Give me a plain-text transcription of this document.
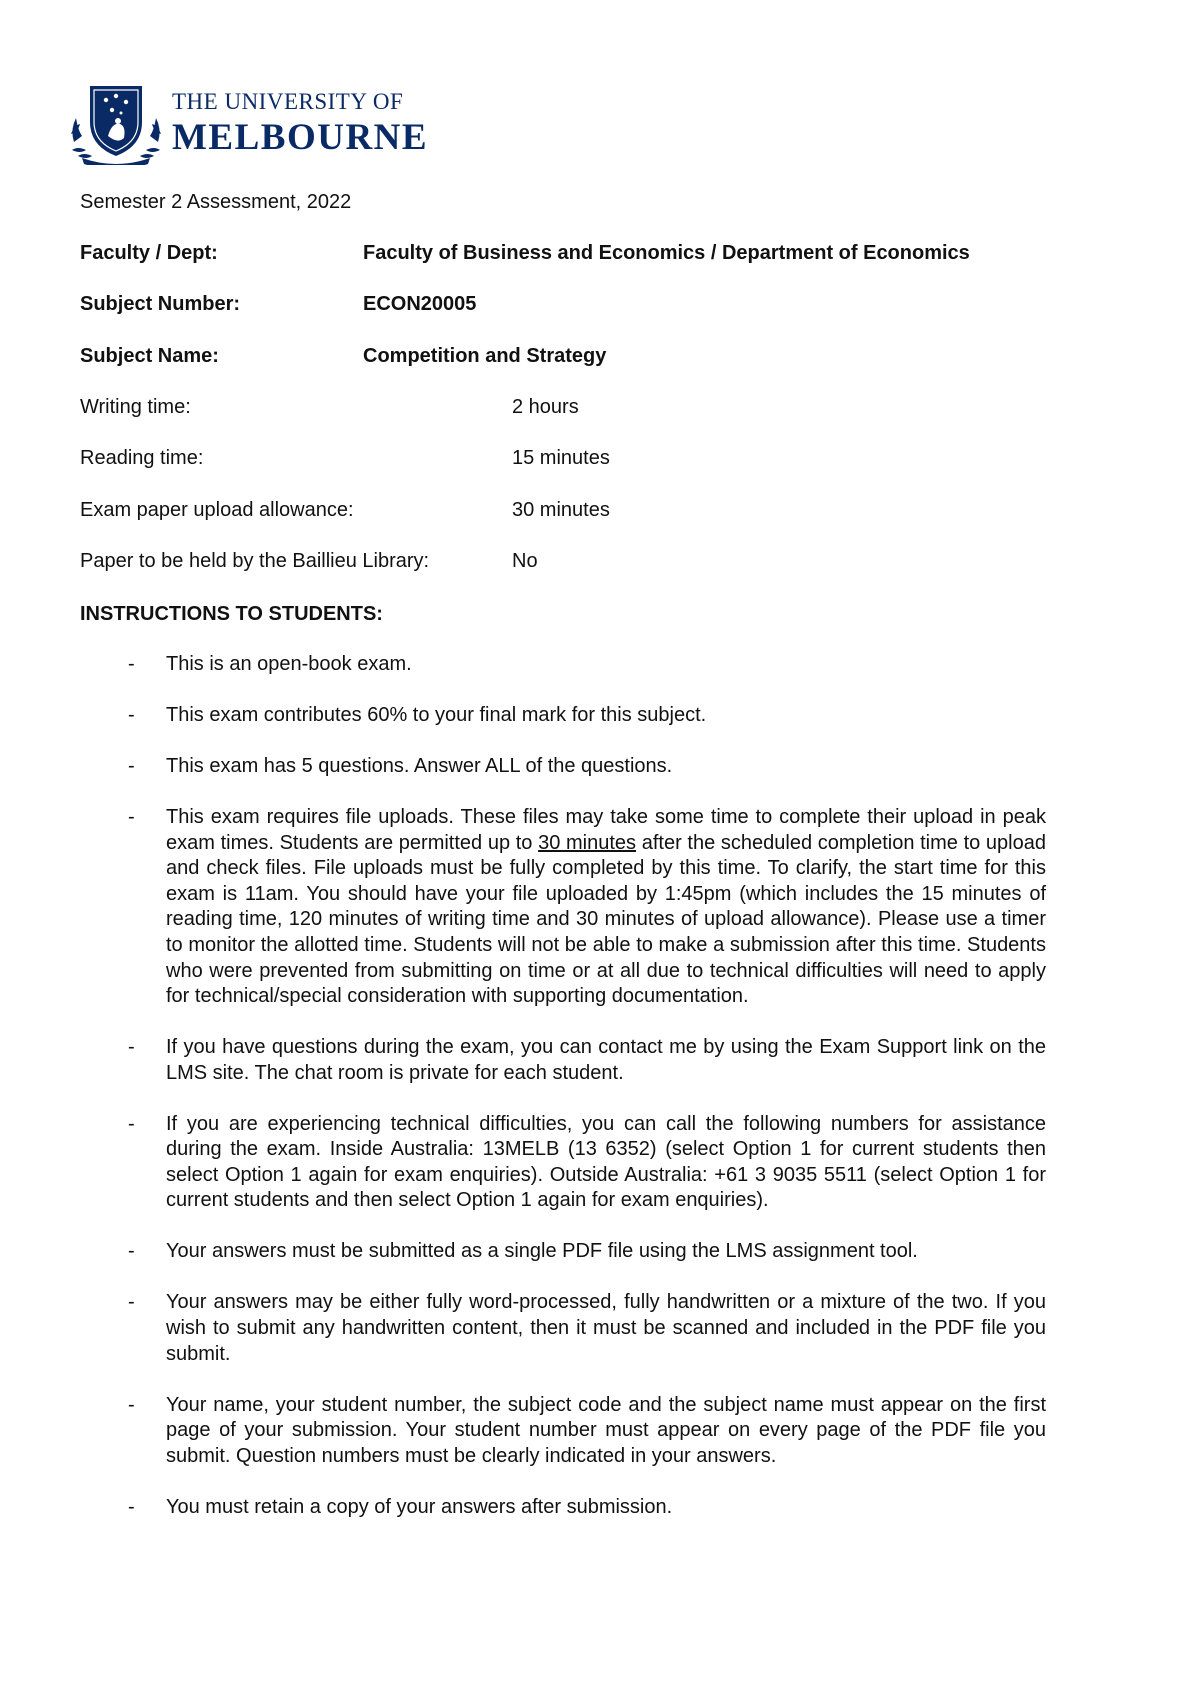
THE UNIVERSITY OF
MELBOURNE
Semester 2 Assessment, 2022
Faculty / Dept:	Faculty of Business and Economics / Department of Economics
Subject Number:	ECON20005
Subject Name:	Competition and Strategy
Writing time:	2 hours
Reading time:	15 minutes
Exam paper upload allowance:	30 minutes
Paper to be held by the Baillieu Library:	No
INSTRUCTIONS TO STUDENTS:
- This is an open-book exam.
- This exam contributes 60% to your final mark for this subject.
- This exam has 5 questions. Answer ALL of the questions.
- This exam requires file uploads. These files may take some time to complete their upload in peak exam times. Students are permitted up to 30 minutes after the scheduled completion time to upload and check files. File uploads must be fully completed by this time. To clarify, the start time for this exam is 11am. You should have your file uploaded by 1:45pm (which includes the 15 minutes of reading time, 120 minutes of writing time and 30 minutes of upload allowance). Please use a timer to monitor the allotted time. Students will not be able to make a submission after this time. Students who were prevented from submitting on time or at all due to technical difficulties will need to apply for technical/special consideration with supporting documentation.
- If you have questions during the exam, you can contact me by using the Exam Support link on the LMS site. The chat room is private for each student.
- If you are experiencing technical difficulties, you can call the following numbers for assistance during the exam. Inside Australia: 13MELB (13 6352) (select Option 1 for current students then select Option 1 again for exam enquiries). Outside Australia: +61 3 9035 5511 (select Option 1 for current students and then select Option 1 again for exam enquiries).
- Your answers must be submitted as a single PDF file using the LMS assignment tool.
- Your answers may be either fully word-processed, fully handwritten or a mixture of the two. If you wish to submit any handwritten content, then it must be scanned and included in the PDF file you submit.
- Your name, your student number, the subject code and the subject name must appear on the first page of your submission. Your student number must appear on every page of the PDF file you submit. Question numbers must be clearly indicated in your answers.
- You must retain a copy of your answers after submission.
